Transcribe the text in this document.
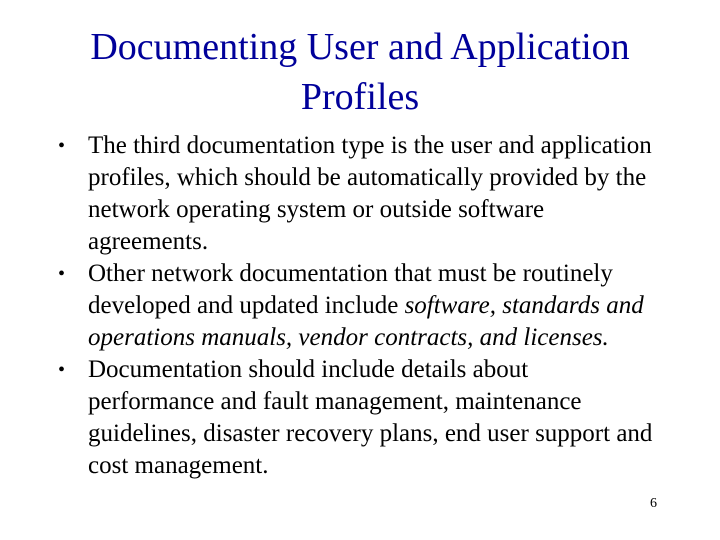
Documenting User and Application
Profiles
• The third documentation type is the user and application profiles, which should be automatically provided by the network operating system or outside software agreements.
• Other network documentation that must be routinely developed and updated include software, standards and operations manuals, vendor contracts, and licenses.
• Documentation should include details about performance and fault management, maintenance guidelines, disaster recovery plans, end user support and cost management.
6
